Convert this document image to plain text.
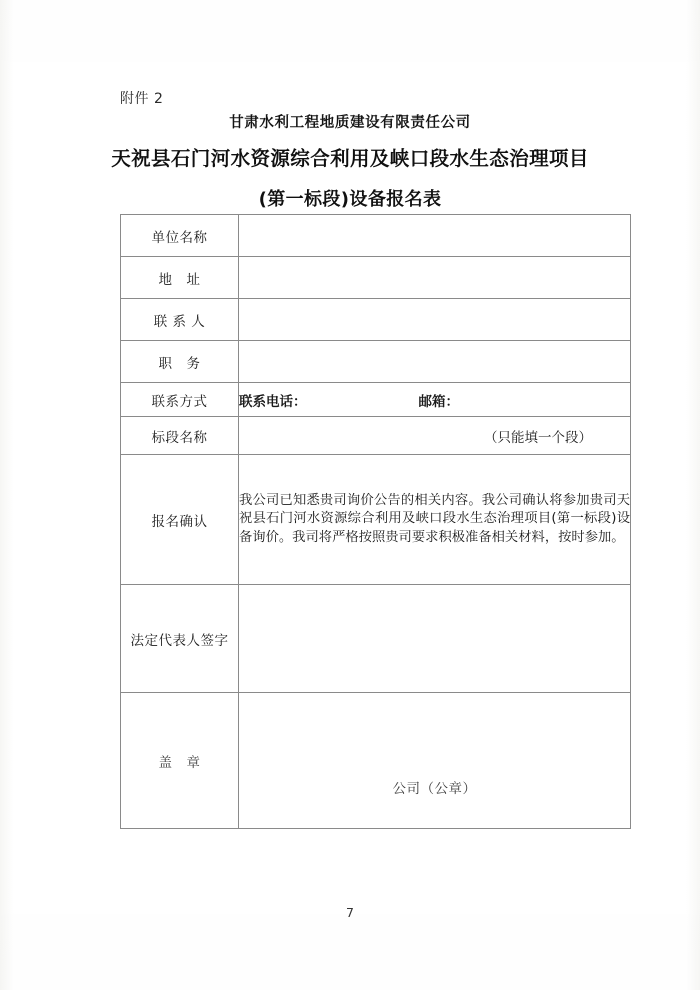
附件 2
甘肃水利工程地质建设有限责任公司
天祝县石门河水资源综合利用及峡口段水生态治理项目
(第一标段)设备报名表
单位名称	
地　址	
联 系 人	
职　务	
联系方式	联系电话： 邮箱：
标段名称	（只能填一个段）

报名确认	我公司已知悉贵司询价公告的相关内容。我公司确认将参加贵司天祝县石门河水资源综合利用及峡口段水生态治理项目(第一标段)设备询价。我司将严格按照贵司要求积极准备相关材料，按时参加。

法定代表人签字	

盖　章	公司（公章）
7
